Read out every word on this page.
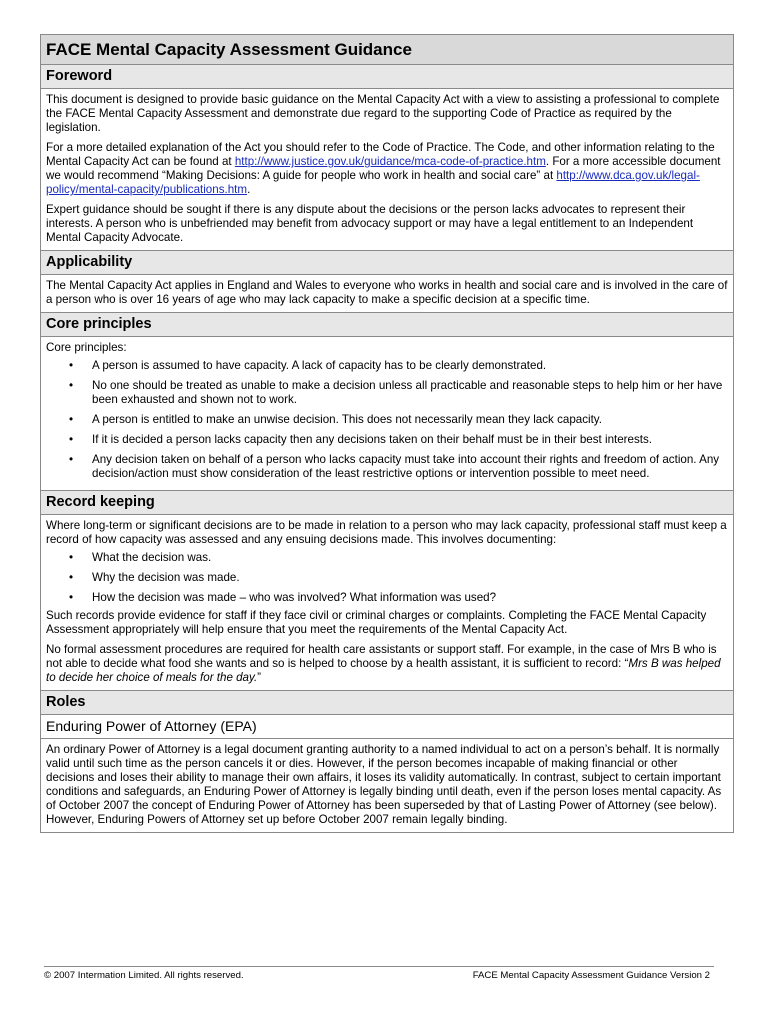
FACE Mental Capacity Assessment Guidance
Foreword

This document is designed to provide basic guidance on the Mental Capacity Act with a view to assisting a professional to complete the FACE Mental Capacity Assessment and demonstrate due regard to the supporting Code of Practice as required by the legislation.

For a more detailed explanation of the Act you should refer to the Code of Practice. The Code, and other information relating to the Mental Capacity Act can be found at http://www.justice.gov.uk/guidance/mca-code-of-practice.htm. For a more accessible document we would recommend “Making Decisions: A guide for people who work in health and social care” at http://www.dca.gov.uk/legal-policy/mental-capacity/publications.htm.

Expert guidance should be sought if there is any dispute about the decisions or the person lacks advocates to represent their interests. A person who is unbefriended may benefit from advocacy support or may have a legal entitlement to an Independent Mental Capacity Advocate.

Applicability

The Mental Capacity Act applies in England and Wales to everyone who works in health and social care and is involved in the care of a person who is over 16 years of age who may lack capacity to make a specific decision at a specific time.

Core principles

Core principles:

• A person is assumed to have capacity. A lack of capacity has to be clearly demonstrated.
• No one should be treated as unable to make a decision unless all practicable and reasonable steps to help him or her have been exhausted and shown not to work.
• A person is entitled to make an unwise decision. This does not necessarily mean they lack capacity.
• If it is decided a person lacks capacity then any decisions taken on their behalf must be in their best interests.
• Any decision taken on behalf of a person who lacks capacity must take into account their rights and freedom of action. Any decision/action must show consideration of the least restrictive options or intervention possible to meet need.
Record keeping

Where long-term or significant decisions are to be made in relation to a person who may lack capacity, professional staff must keep a record of how capacity was assessed and any ensuing decisions made. This involves documenting:

• What the decision was.
• Why the decision was made.
• How the decision was made – who was involved? What information was used?

Such records provide evidence for staff if they face civil or criminal charges or complaints. Completing the FACE Mental Capacity Assessment appropriately will help ensure that you meet the requirements of the Mental Capacity Act.

No formal assessment procedures are required for health care assistants or support staff. For example, in the case of Mrs B who is not able to decide what food she wants and so is helped to choose by a health assistant, it is sufficient to record: “Mrs B was helped to decide her choice of meals for the day.”

Roles
Enduring Power of Attorney (EPA)

An ordinary Power of Attorney is a legal document granting authority to a named individual to act on a person’s behalf. It is normally valid until such time as the person cancels it or dies. However, if the person becomes incapable of making financial or other decisions and loses their ability to manage their own affairs, it loses its validity automatically. In contrast, subject to certain important conditions and safeguards, an Enduring Power of Attorney is legally binding until death, even if the person loses mental capacity. As of October 2007 the concept of Enduring Power of Attorney has been superseded by that of Lasting Power of Attorney (see below). However, Enduring Powers of Attorney set up before October 2007 remain legally binding.

© 2007 Intermation Limited. All rights reserved.	FACE Mental Capacity Assessment Guidance Version 2
